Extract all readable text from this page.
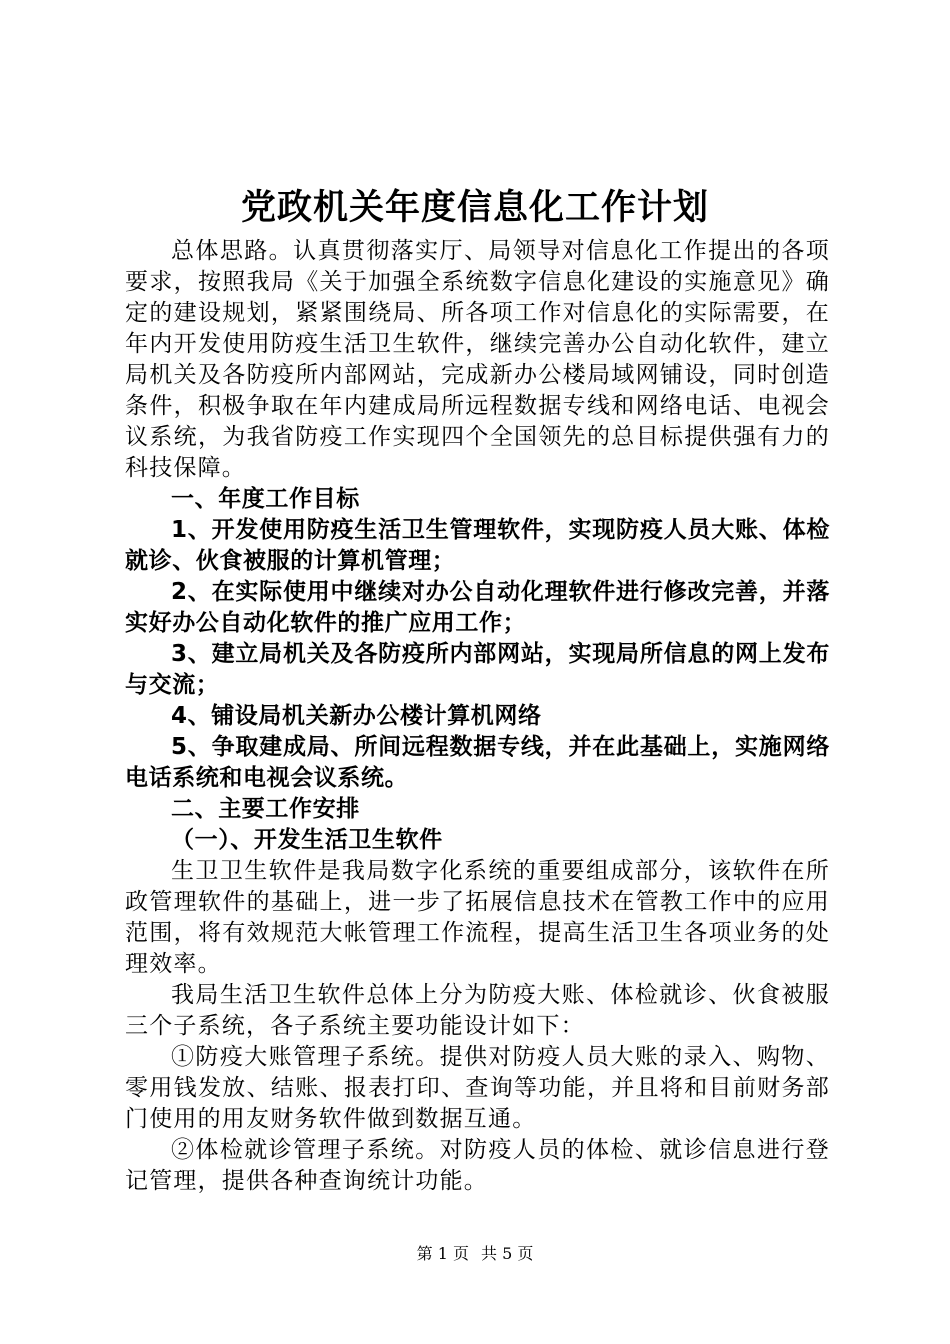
党政机关年度信息化工作计划

总体思路。认真贯彻落实厅、局领导对信息化工作提出的各项要求，按照我局《关于加强全系统数字信息化建设的实施意见》确定的建设规划，紧紧围绕局、所各项工作对信息化的实际需要，在年内开发使用防疫生活卫生软件，继续完善办公自动化软件，建立局机关及各防疫所内部网站，完成新办公楼局域网铺设，同时创造条件，积极争取在年内建成局所远程数据专线和网络电话、电视会议系统，为我省防疫工作实现四个全国领先的总目标提供强有力的科技保障。

一、年度工作目标

1、开发使用防疫生活卫生管理软件，实现防疫人员大账、体检就诊、伙食被服的计算机管理；

2、在实际使用中继续对办公自动化理软件进行修改完善，并落实好办公自动化软件的推广应用工作；

3、建立局机关及各防疫所内部网站，实现局所信息的网上发布与交流；

4、铺设局机关新办公楼计算机网络

5、争取建成局、所间远程数据专线，并在此基础上，实施网络电话系统和电视会议系统。

二、主要工作安排

（一）、开发生活卫生软件

生卫卫生软件是我局数字化系统的重要组成部分，该软件在所政管理软件的基础上，进一步了拓展信息技术在管教工作中的应用范围，将有效规范大帐管理工作流程，提高生活卫生各项业务的处理效率。

我局生活卫生软件总体上分为防疫大账、体检就诊、伙食被服三个子系统，各子系统主要功能设计如下：

①防疫大账管理子系统。提供对防疫人员大账的录入、购物、零用钱发放、结账、报表打印、查询等功能，并且将和目前财务部门使用的用友财务软件做到数据互通。

②体检就诊管理子系统。对防疫人员的体检、就诊信息进行登记管理，提供各种查询统计功能。

第 1 页 共 5 页
